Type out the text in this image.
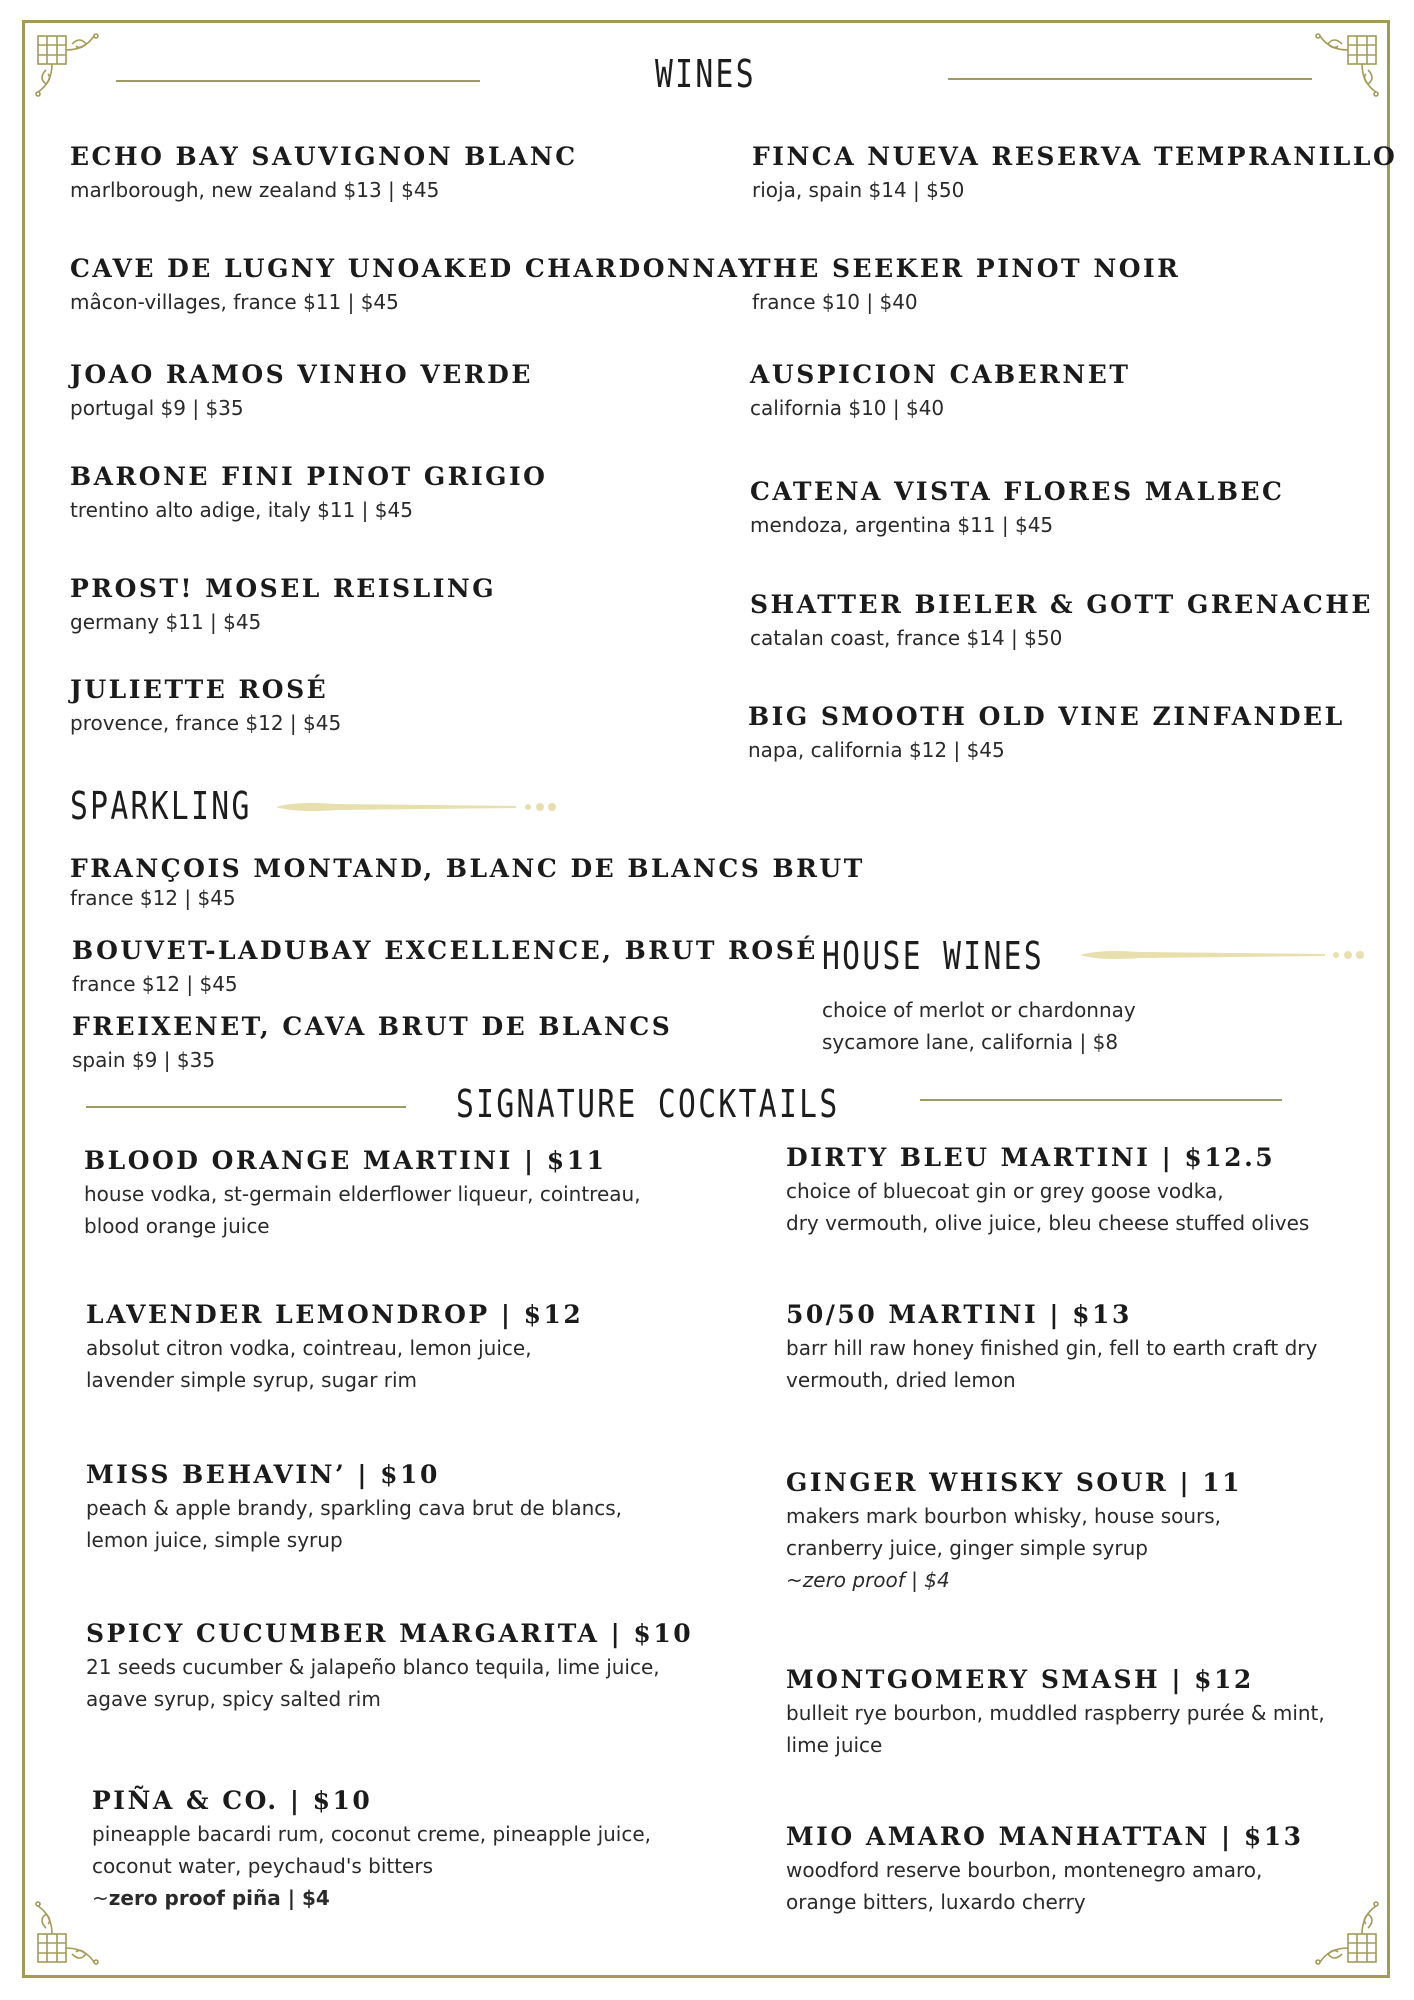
WINES
ECHO BAY SAUVIGNON BLANC
marlborough, new zealand $13 | $45
CAVE DE LUGNY UNOAKED CHARDONNAY
mâcon-villages, france $11 | $45
JOAO RAMOS VINHO VERDE
portugal $9 | $35
BARONE FINI PINOT GRIGIO
trentino alto adige, italy $11 | $45
PROST! MOSEL REISLING
germany $11 | $45
JULIETTE ROSÉ
provence, france $12 | $45
FINCA NUEVA RESERVA TEMPRANILLO
rioja, spain $14 | $50
THE SEEKER PINOT NOIR
france $10 | $40
AUSPICION CABERNET
california $10 | $40
CATENA VISTA FLORES MALBEC
mendoza, argentina $11 | $45
SHATTER BIELER & GOTT GRENACHE
catalan coast, france $14 | $50
BIG SMOOTH OLD VINE ZINFANDEL
napa, california $12 | $45
SPARKLING
FRANÇOIS MONTAND, BLANC DE BLANCS BRUT
france $12 | $45
BOUVET-LADUBAY EXCELLENCE, BRUT ROSÉ
france $12 | $45
FREIXENET, CAVA BRUT DE BLANCS
spain $9 | $35
HOUSE WINES
choice of merlot or chardonnay
sycamore lane, california | $8
SIGNATURE COCKTAILS
BLOOD ORANGE MARTINI | $11
house vodka, st-germain elderflower liqueur, cointreau,
blood orange juice
LAVENDER LEMONDROP | $12
absolut citron vodka, cointreau, lemon juice,
lavender simple syrup, sugar rim
MISS BEHAVIN’ | $10
peach & apple brandy, sparkling cava brut de blancs,
lemon juice, simple syrup
SPICY CUCUMBER MARGARITA | $10
21 seeds cucumber & jalapeño blanco tequila, lime juice,
agave syrup, spicy salted rim
PIÑA & CO. | $10
pineapple bacardi rum, coconut creme, pineapple juice,
coconut water, peychaud's bitters
~zero proof piña | $4
DIRTY BLEU MARTINI | $12.5
choice of bluecoat gin or grey goose vodka,
dry vermouth, olive juice, bleu cheese stuffed olives
50/50 MARTINI | $13
barr hill raw honey finished gin, fell to earth craft dry
vermouth, dried lemon
GINGER WHISKY SOUR | 11
makers mark bourbon whisky, house sours,
cranberry juice, ginger simple syrup
~zero proof | $4
MONTGOMERY SMASH | $12
bulleit rye bourbon, muddled raspberry purée & mint,
lime juice
MIO AMARO MANHATTAN | $13
woodford reserve bourbon, montenegro amaro,
orange bitters, luxardo cherry
